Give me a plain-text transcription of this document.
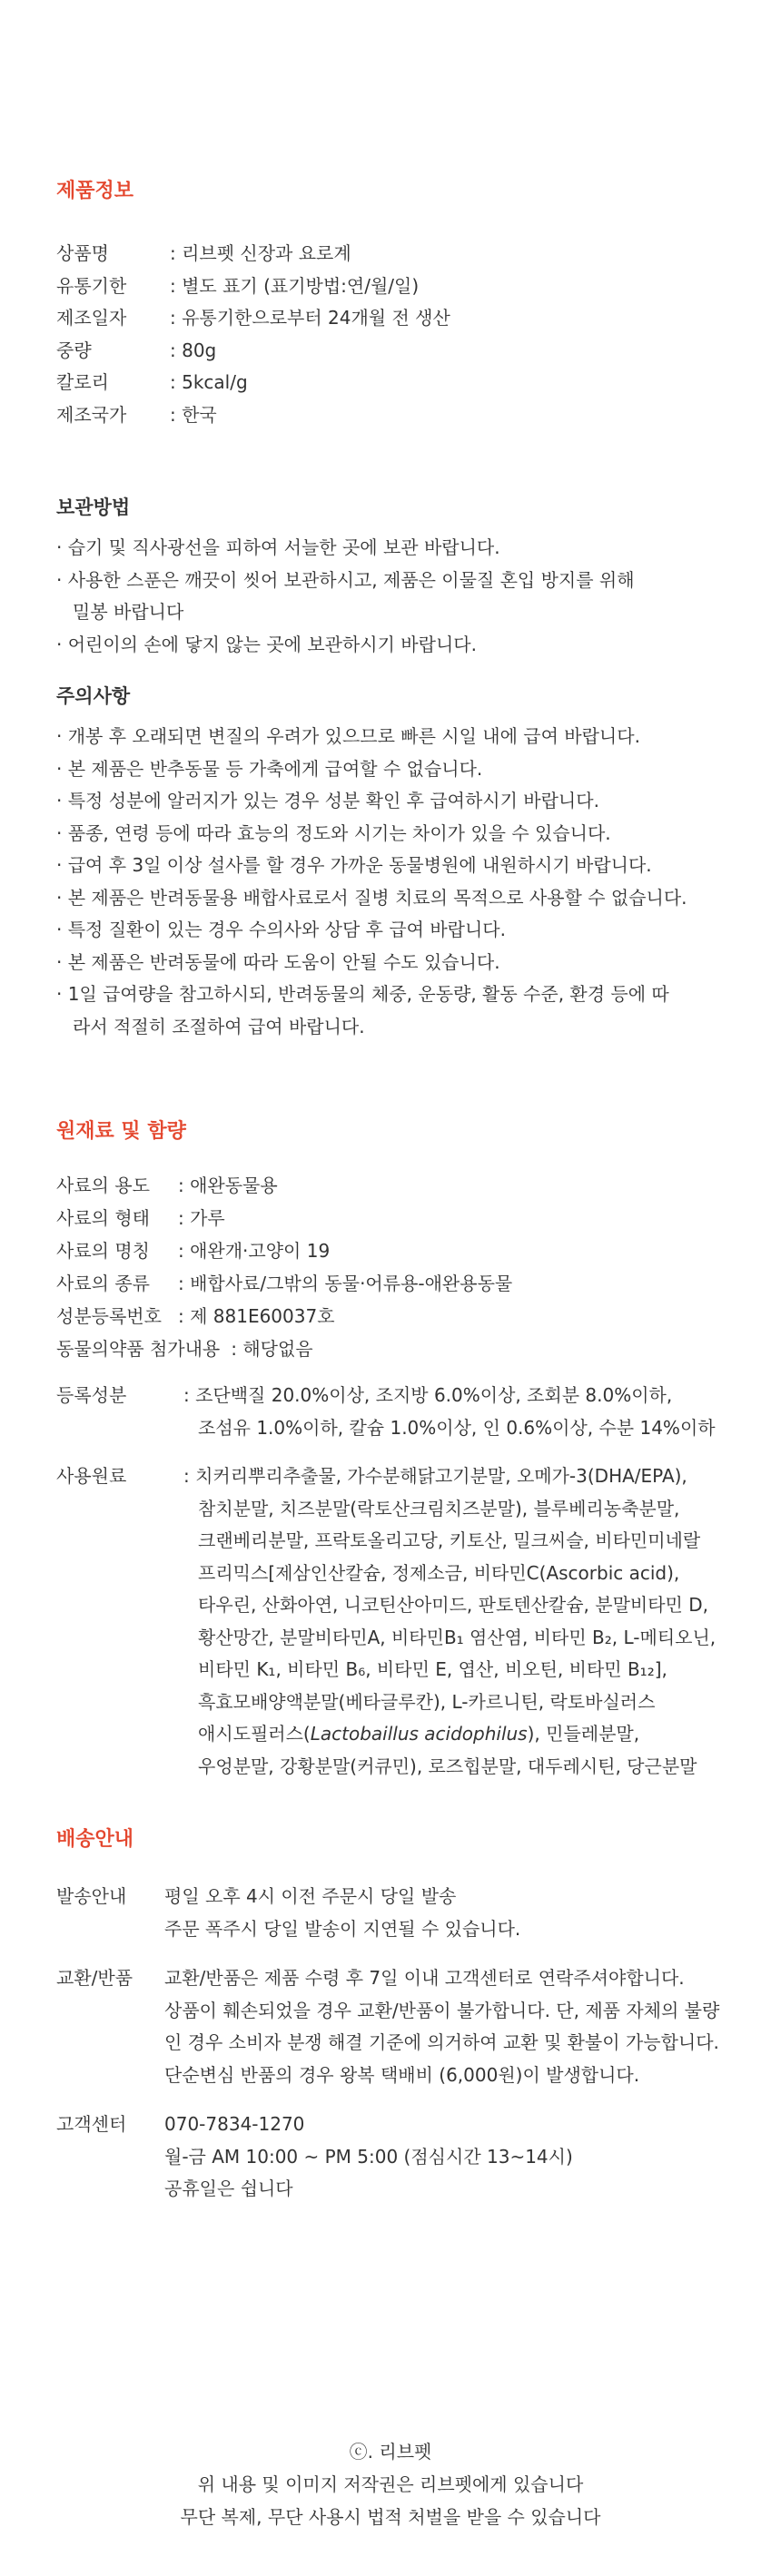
제품정보
상품명	: 리브펫 신장과 요로계
유통기한	: 별도 표기 (표기방법:연/월/일)
제조일자	: 유통기한으로부터 24개월 전 생산
중량	: 80g
칼로리	: 5kcal/g
제조국가	: 한국
보관방법
· 습기 및 직사광선을 피하여 서늘한 곳에 보관 바랍니다.
· 사용한 스푼은 깨끗이 씻어 보관하시고, 제품은 이물질 혼입 방지를 위해
밀봉 바랍니다
· 어린이의 손에 닿지 않는 곳에 보관하시기 바랍니다.
주의사항
· 개봉 후 오래되면 변질의 우려가 있으므로 빠른 시일 내에 급여 바랍니다.
· 본 제품은 반추동물 등 가축에게 급여할 수 없습니다.
· 특정 성분에 알러지가 있는 경우 성분 확인 후 급여하시기 바랍니다.
· 품종, 연령 등에 따라 효능의 정도와 시기는 차이가 있을 수 있습니다.
· 급여 후 3일 이상 설사를 할 경우 가까운 동물병원에 내원하시기 바랍니다.
· 본 제품은 반려동물용 배합사료로서 질병 치료의 목적으로 사용할 수 없습니다.
· 특정 질환이 있는 경우 수의사와 상담 후 급여 바랍니다.
· 본 제품은 반려동물에 따라 도움이 안될 수도 있습니다.
· 1일 급여량을 참고하시되, 반려동물의 체중, 운동량, 활동 수준, 환경 등에 따
라서 적절히 조절하여 급여 바랍니다.
원재료 및 함량
사료의 용도	: 애완동물용
사료의 형태	: 가루
사료의 명칭	: 애완개·고양이 19
사료의 종류	: 배합사료/그밖의 동물·어류용-애완용동물
성분등록번호 : 제 881E60037호
동물의약품 첨가내용 : 해당없음
등록성분	: 조단백질 20.0%이상, 조지방 6.0%이상, 조회분 8.0%이하,
조섬유 1.0%이하, 칼슘 1.0%이상, 인 0.6%이상, 수분 14%이하
사용원료	: 치커리뿌리추출물, 가수분해닭고기분말, 오메가-3(DHA/EPA),
참치분말, 치즈분말(락토산크림치즈분말), 블루베리농축분말,
크랜베리분말, 프락토올리고당, 키토산, 밀크씨슬, 비타민미네랄
프리믹스[제삼인산칼슘, 정제소금, 비타민C(Ascorbic acid),
타우린, 산화아연, 니코틴산아미드, 판토텐산칼슘, 분말비타민 D,
황산망간, 분말비타민A, 비타민B₁ 염산염, 비타민 B₂, L-메티오닌,
비타민 K₁, 비타민 B₆, 비타민 E, 엽산, 비오틴, 비타민 B₁₂],
흑효모배양액분말(베타글루칸), L-카르니틴, 락토바실러스
애시도필러스(Lactobaillus acidophilus), 민들레분말,
우엉분말, 강황분말(커큐민), 로즈힙분말, 대두레시틴, 당근분말
배송안내
발송안내	평일 오후 4시 이전 주문시 당일 발송
주문 폭주시 당일 발송이 지연될 수 있습니다.
교환/반품	교환/반품은 제품 수령 후 7일 이내 고객센터로 연락주셔야합니다.
상품이 훼손되었을 경우 교환/반품이 불가합니다. 단, 제품 자체의 불량
인 경우 소비자 분쟁 해결 기준에 의거하여 교환 및 환불이 가능합니다.
단순변심 반품의 경우 왕복 택배비 (6,000원)이 발생합니다.
고객센터	070-7834-1270
월-금 AM 10:00 ~ PM 5:00 (점심시간 13~14시)
공휴일은 쉽니다
ⓒ. 리브펫
위 내용 및 이미지 저작권은 리브펫에게 있습니다
무단 복제, 무단 사용시 법적 처벌을 받을 수 있습니다
